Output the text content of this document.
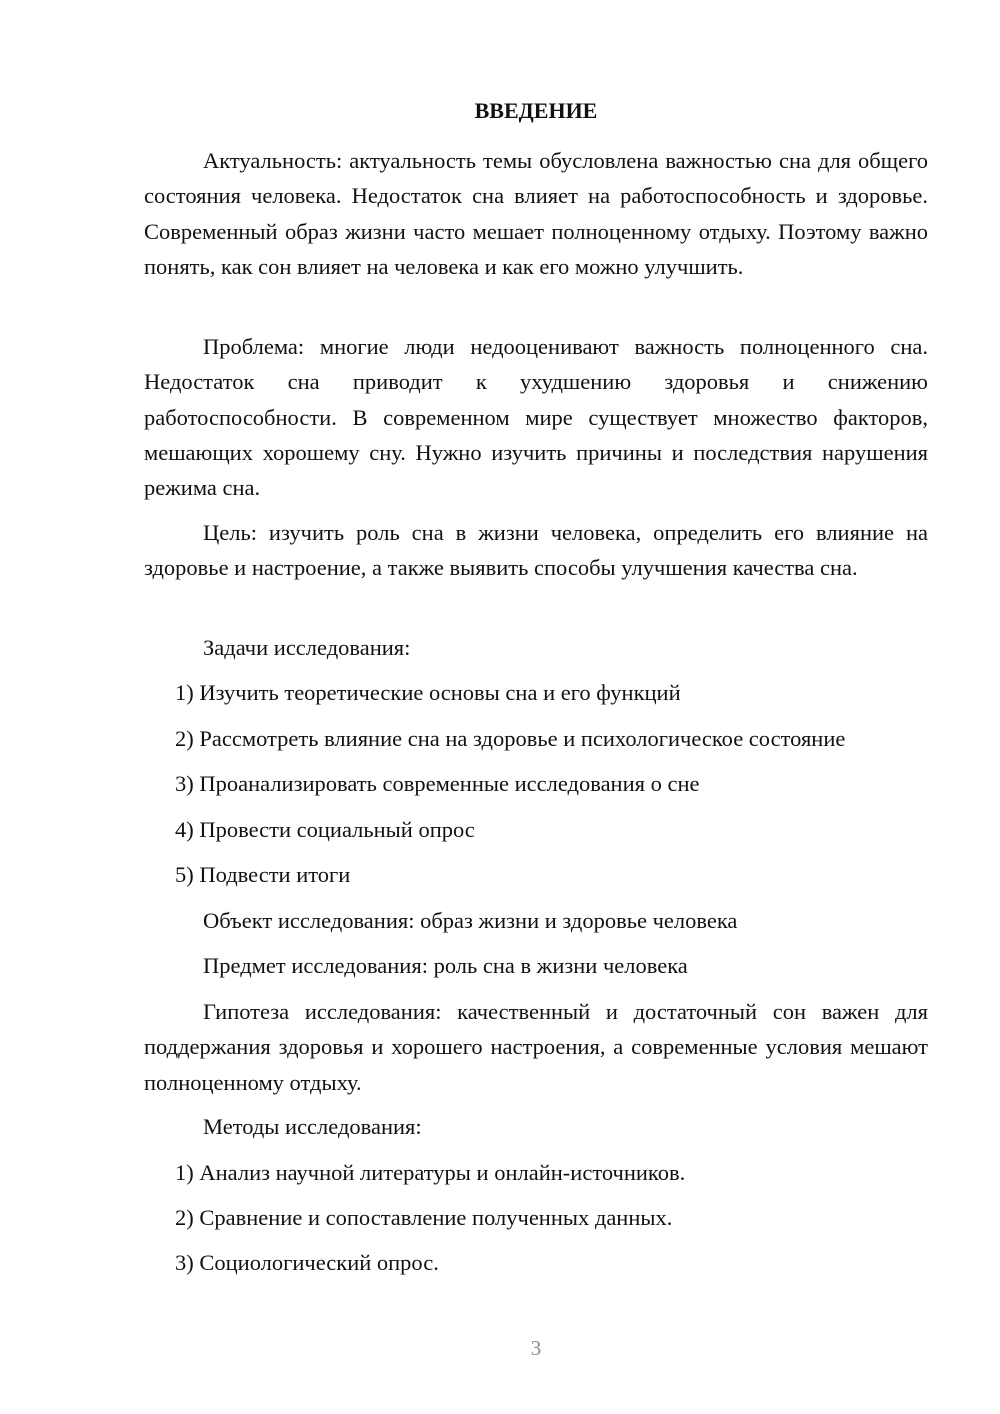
ВВЕДЕНИЕ

Актуальность: актуальность темы обусловлена важностью сна для общего состояния человека. Недостаток сна влияет на работоспособность и здоровье. Современный образ жизни часто мешает полноценному отдыху. Поэтому важно понять, как сон влияет на человека и как его можно улучшить.

Проблема: многие люди недооценивают важность полноценного сна. Недостаток сна приводит к ухудшению здоровья и снижению работоспособности. В современном мире существует множество факторов, мешающих хорошему сну. Нужно изучить причины и последствия нарушения режима сна.

Цель: изучить роль сна в жизни человека, определить его влияние на здоровье и настроение, а также выявить способы улучшения качества сна.

Задачи исследования:

1) Изучить теоретические основы сна и его функций

2) Рассмотреть влияние сна на здоровье и психологическое состояние

3) Проанализировать современные исследования о сне

4) Провести социальный опрос

5) Подвести итоги

Объект исследования: образ жизни и здоровье человека

Предмет исследования: роль сна в жизни человека

Гипотеза исследования: качественный и достаточный сон важен для поддержания здоровья и хорошего настроения, а современные условия мешают полноценному отдыху.

Методы исследования:

1) Анализ научной литературы и онлайн-источников.

2) Сравнение и сопоставление полученных данных.

3) Социологический опрос.

3
